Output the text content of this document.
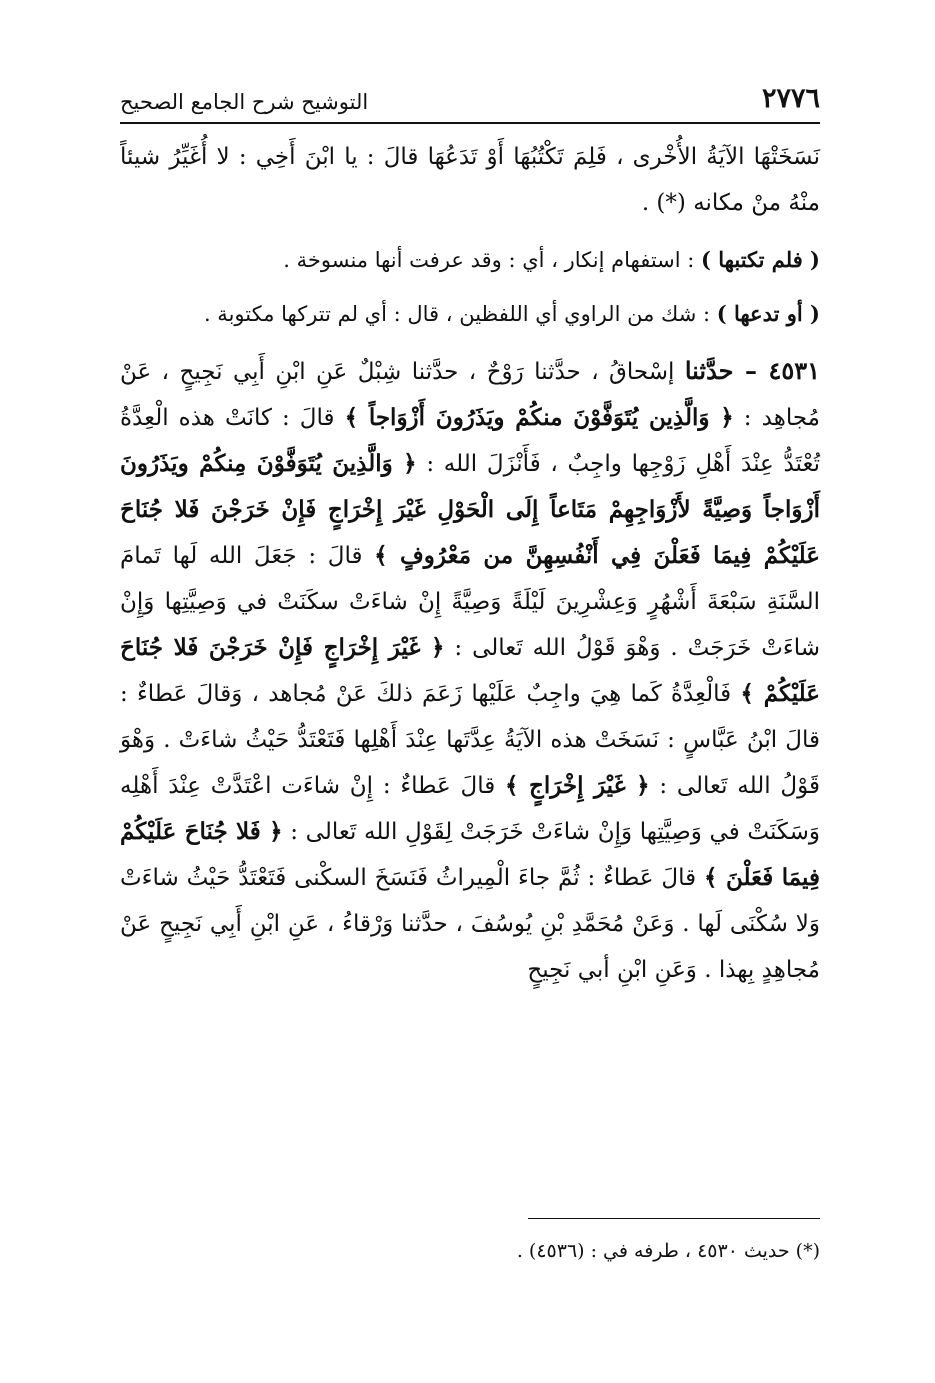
٢٧٧٦
التوشيح شرح الجامع الصحيح

نَسَخَتْهَا الآيَةُ الأُخْرى ، فَلِمَ تَكْتُبُهَا أَوْ تَدَعُهَا قالَ : يا ابْنَ أَخِي : لا أُغَيِّرُ شيئاً منْهُ منْ مكانه (*) .

( فلم تكتبها ) : استفهام إنكار ، أي : وقد عرفت أنها منسوخة .

( أو تدعها ) : شك من الراوي أي اللفظين ، قال : أي لم تتركها مكتوبة .

٤٥٣١ – حدَّثنا إسْحاقُ ، حدَّثنا رَوْحٌ ، حدَّثنا شِبْلٌ عَنِ ابْنِ أَبِي نَجِيحٍ ، عَنْ مُجاهِد : ﴿ وَالَّذِين يُتَوَفَّوْنَ منكُمْ ويَذَرُونَ أَزْوَاجاً ﴾ قالَ : كانَتْ هذه الْعِدَّةُ تُعْتَدُّ عِنْدَ أَهْلِ زَوْجِها واجِبٌ ، فَأَنْزَلَ الله : ﴿ وَالَّذِينَ يُتَوَفَّوْنَ مِنكُمْ ويَذَرُونَ أَزْوَاجاً وَصِيَّةً لأَزْوَاجِهِمْ مَتَاعاً إِلَى الْحَوْلِ غَيْرَ إِخْرَاجٍ فَإِنْ خَرَجْنَ فَلا جُنَاحَ عَلَيْكُمْ فِيمَا فَعَلْنَ فِي أَنْفُسِهِنَّ من مَعْرُوفٍ ﴾ قالَ : جَعَلَ الله لَها تَمامَ السَّنَةِ سَبْعَةَ أَشْهُرٍ وَعِشْرِينَ لَيْلَةً وَصِيَّةً إِنْ شاءَتْ سكَنَتْ في وَصِيَّتِها وَإِنْ شاءَتْ خَرَجَتْ . وَهْوَ قَوْلُ الله تَعالى : ﴿ غَيْرَ إِخْرَاجٍ فَإِنْ خَرَجْنَ فَلا جُنَاحَ عَلَيْكُمْ ﴾ فَالْعِدَّةُ كَما هِيَ واجِبٌ عَلَيْها زَعَمَ ذلكَ عَنْ مُجاهد ، وَقالَ عَطاءٌ : قالَ ابْنُ عَبَّاسٍ : نَسَخَتْ هذه الآيَةُ عِدَّتَها عِنْدَ أَهْلِها فَتَعْتَدُّ حَيْثُ شاءَتْ . وَهْوَ قَوْلُ الله تَعالى : ﴿ غَيْرَ إِخْرَاجٍ ﴾ قالَ عَطاءٌ : إِنْ شاءَت اعْتَدَّتْ عِنْدَ أَهْلِه وَسَكَنَتْ في وَصِيَّتِها وَإِنْ شاءَتْ خَرَجَتْ لِقَوْلِ الله تَعالى : ﴿ فَلا جُنَاحَ عَلَيْكُمْ فِيمَا فَعَلْنَ ﴾ قالَ عَطاءٌ : ثُمَّ جاءَ الْمِيراثُ فَنَسَخَ السكْنى فَتَعْتَدُّ حَيْثُ شاءَتْ وَلا سُكْنَى لَها . وَعَنْ مُحَمَّدِ بْنِ يُوسُفَ ، حدَّثنا وَرْقاءُ ، عَنِ ابْنِ أَبِي نَجِيحٍ عَنْ مُجاهِدٍ بِهذا . وَعَنِ ابْنِ أبي نَجِيحٍ

(*) حديث ٤٥٣٠ ، طرفه في : (٤٥٣٦) .
